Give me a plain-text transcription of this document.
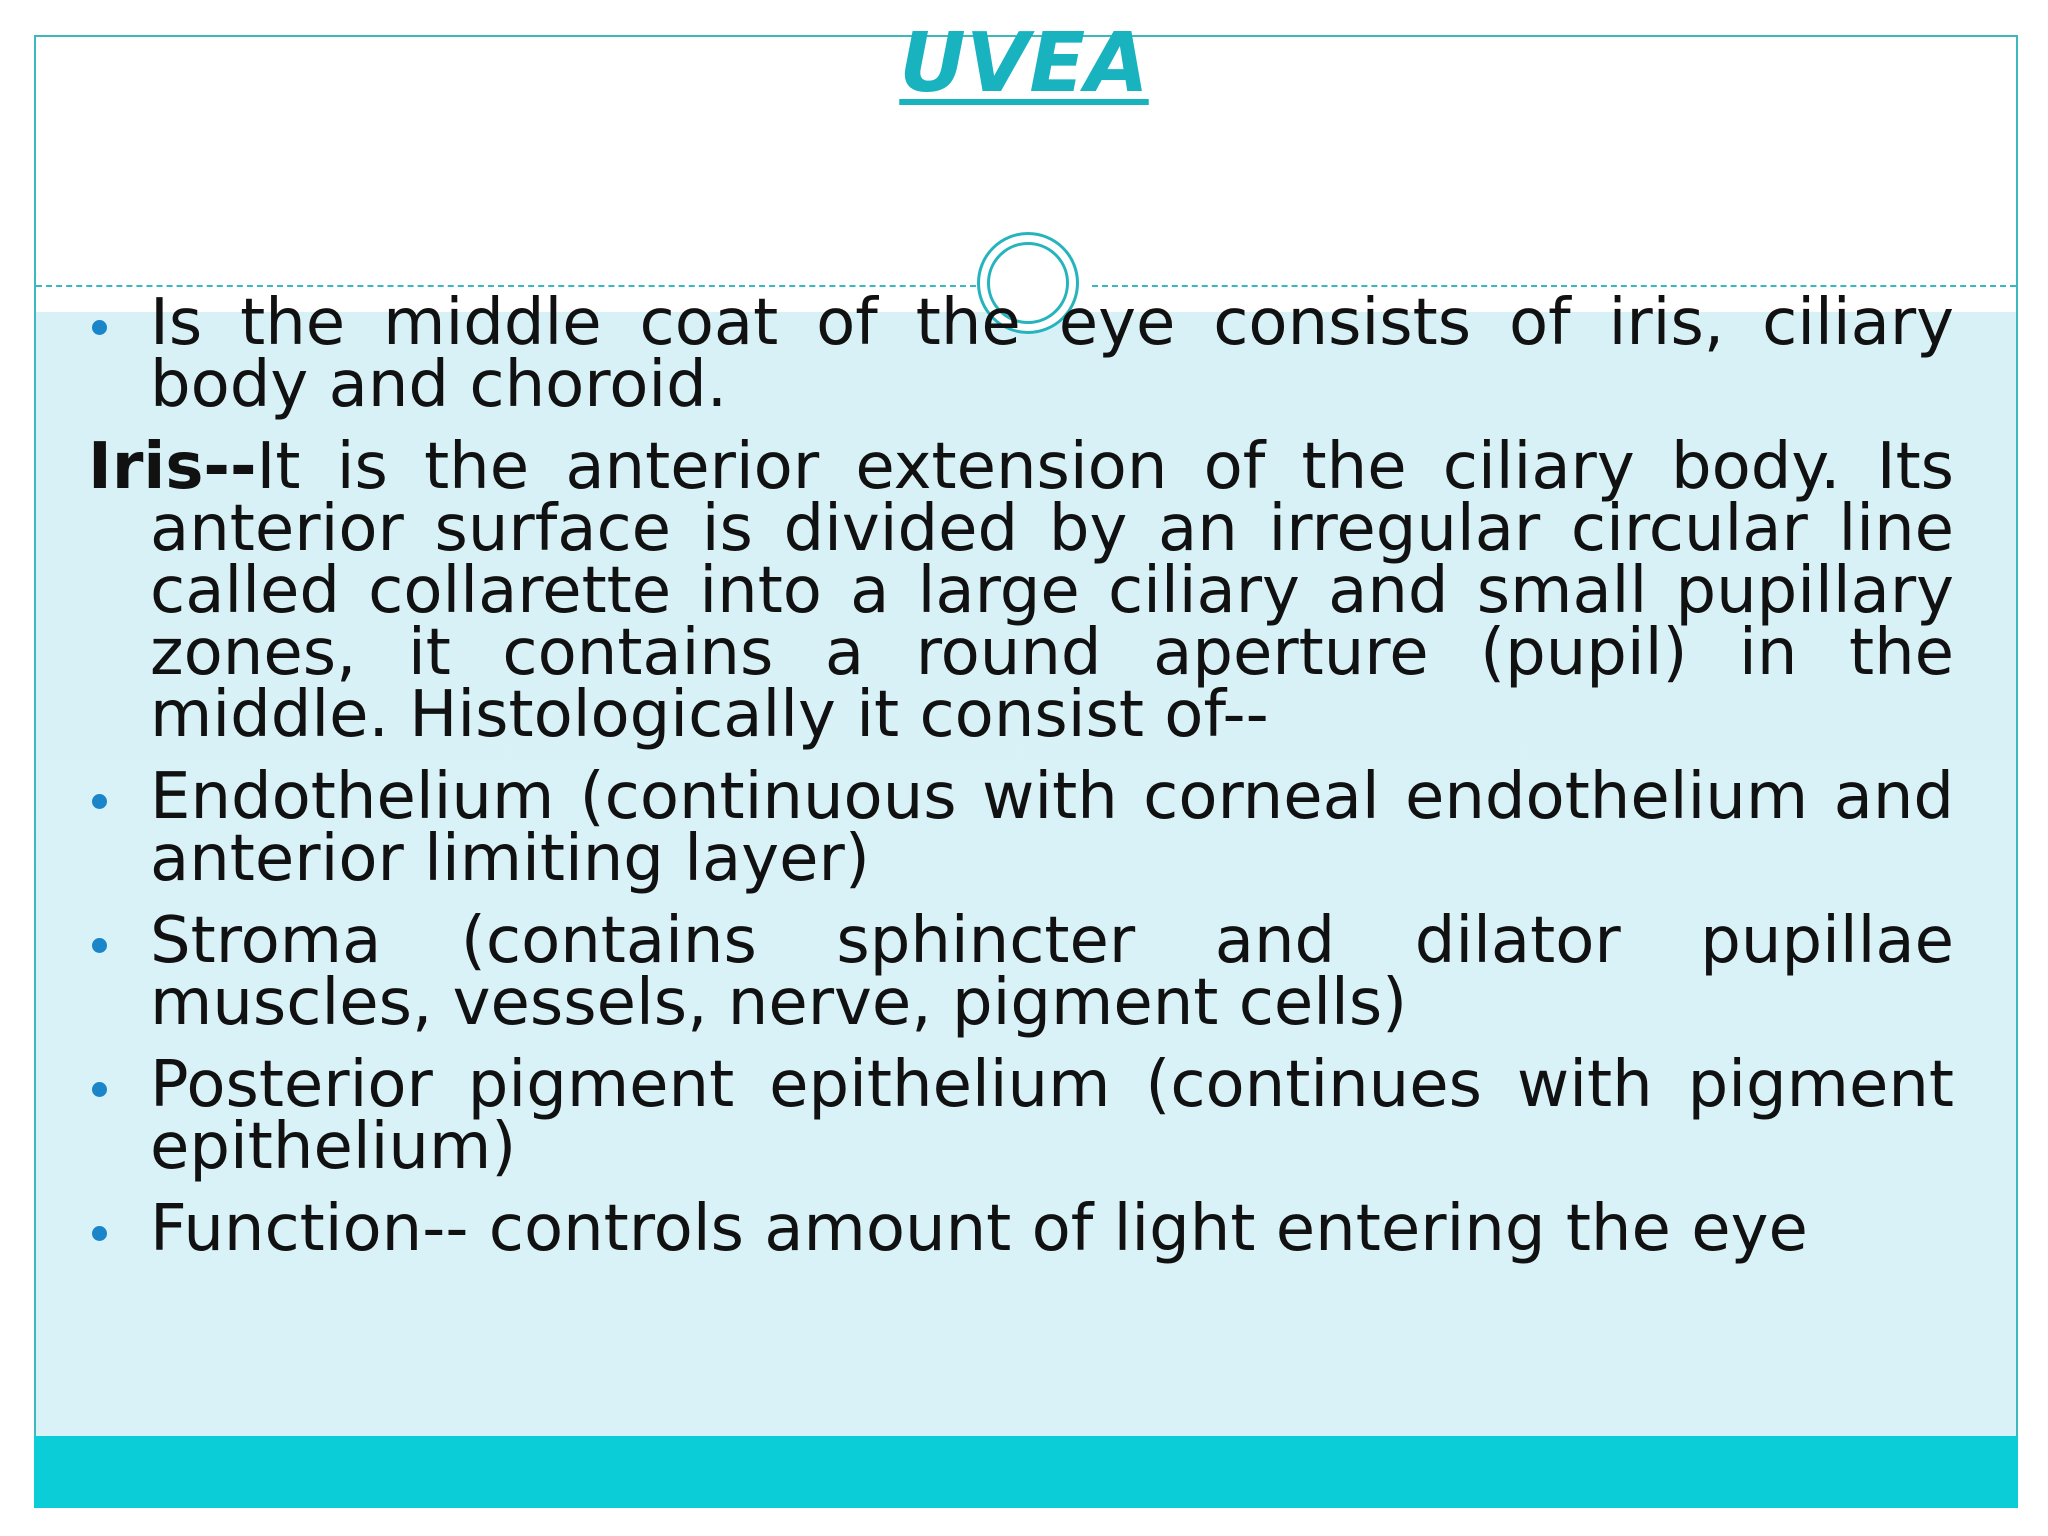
UVEA

Is the middle coat of the eye consists of iris, ciliary body and choroid.

Iris--It is the anterior extension of the ciliary body. Its anterior surface is divided by an irregular circular line called collarette into a large ciliary and small pupillary zones, it contains a round aperture (pupil) in the middle. Histologically it consist of--

Endothelium (continuous with corneal endothelium and anterior limiting layer)

Stroma (contains sphincter and dilator pupillae muscles, vessels, nerve, pigment cells)

Posterior pigment epithelium (continues with pigment epithelium)

Function-- controls amount of light entering the eye
